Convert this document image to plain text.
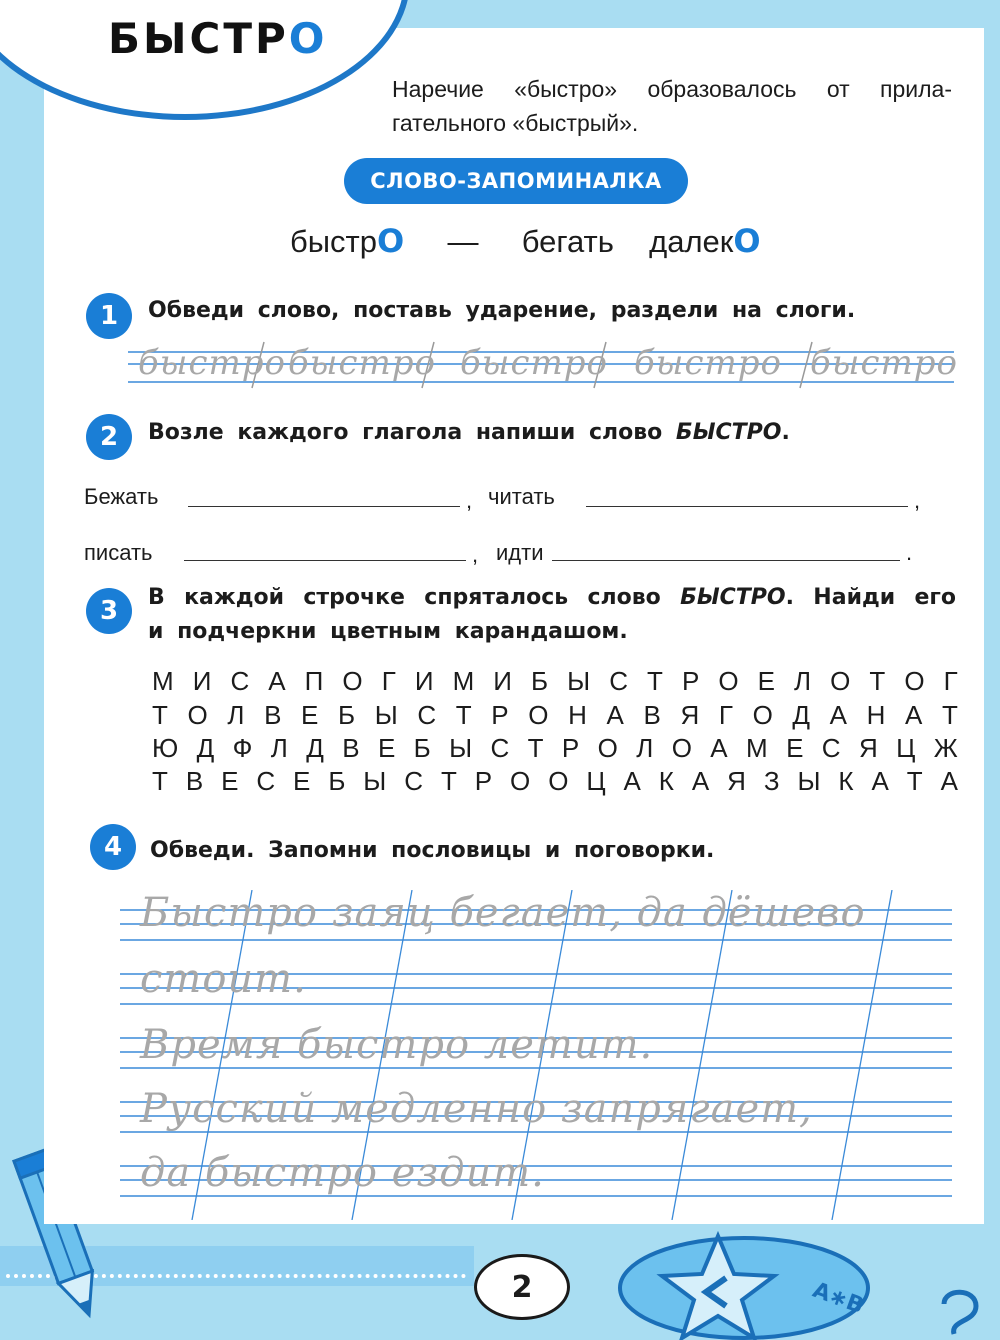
БЫСТРО

Наречие «быстро» образовалось от прила-
гательного «быстрый».

СЛОВО-ЗАПОМИНАЛКА
быстрО — бегать далекО
1	Обведи слово, поставь ударение, раздели на слоги.

быстро быстро быстро быстро быстро
2	Возле каждого глагола напиши слово БЫСТРО.

Бежать	, читать	,
писать	, идти	.
3	В каждой строчке спряталось слово БЫСТРО. Найди его

и подчеркни цветным карандашом.

М И С А П О Г И М И Б Ы С Т Р О Е Л О Т О Г
Т О Л В Е Б Ы С Т Р О Н А В Я Г О Д А Н А Т
Ю Д Ф Л Д В Е Б Ы С Т Р О Л О А М Е С Я Ц Ж
Т В Е С Е Б Ы С Т Р О О Ц А К А Я З Ы К А Т А
4	Обведи. Запомни пословицы и поговорки.

Быстро заяц бегает, да дёшево
стоит.
Время быстро летит.
Русский медленно запрягает,
да быстро ездит.
2	А∗В
